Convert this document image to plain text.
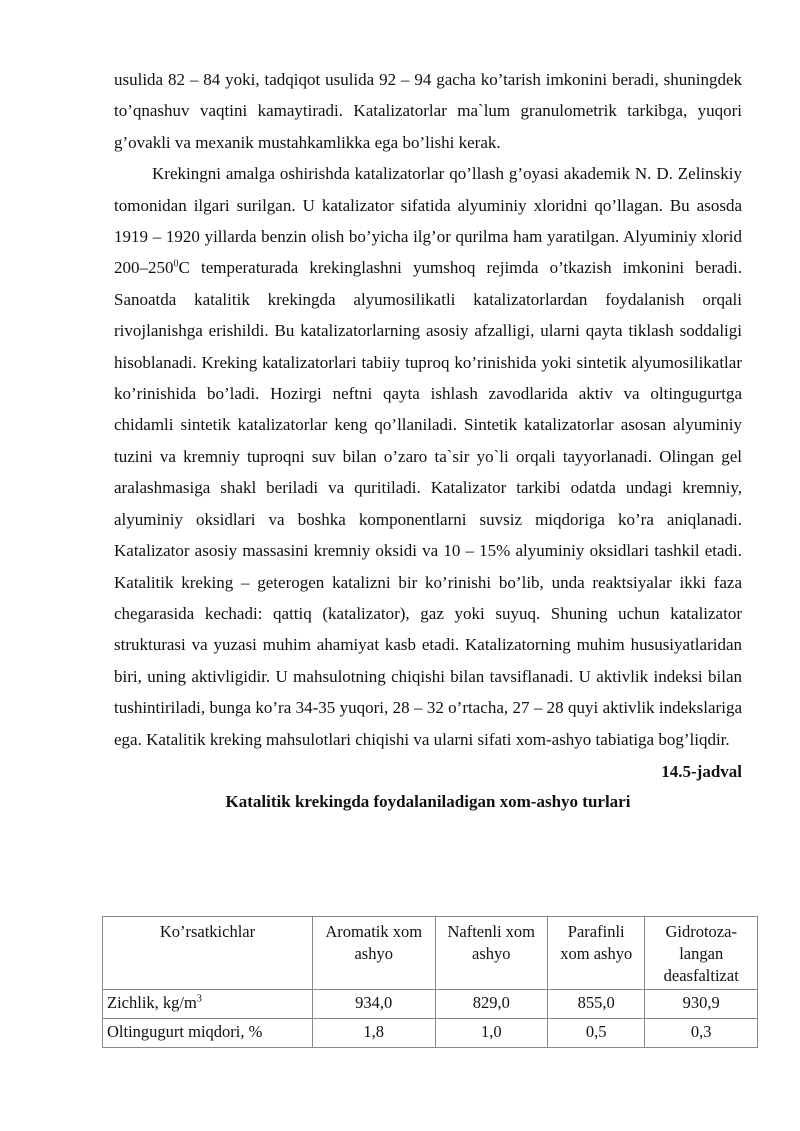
usulida 82 – 84 yoki, tadqiqot usulida 92 – 94 gacha ko’tarish imkonini beradi, shuningdek to’qnashuv vaqtini kamaytiradi. Katalizatorlar ma`lum granulometrik tarkibga, yuqori g’ovakli va mexanik mustahkamlikka ega bo’lishi kerak.

Krekingni amalga oshirishda katalizatorlar qo’llash g’oyasi akademik N. D. Zelinskiy tomonidan ilgari surilgan. U katalizator sifatida alyuminiy xloridni qo’llagan. Bu asosda 1919 – 1920 yillarda benzin olish bo’yicha ilg’or qurilma ham yaratilgan. Alyuminiy xlorid $200-250^0C$ temperaturada krekinglashni yumshoq rejimda o’tkazish imkonini beradi. Sanoatda katalitik krekingda alyumosilikatli katalizatorlardan foydalanish orqali rivojlanishga erishildi. Bu katalizatorlarning asosiy afzalligi, ularni qayta tiklash soddaligi hisoblanadi. Kreking katalizatorlari tabiiy tuproq ko’rinishida yoki sintetik alyumosilikatlar ko’rinishida bo’ladi. Hozirgi neftni qayta ishlash zavodlarida aktiv va oltingugurtga chidamli sintetik katalizatorlar keng qo’llaniladi. Sintetik katalizatorlar asosan alyuminiy tuzini va kremniy tuproqni suv bilan o’zaro ta`sir yo`li orqali tayyorlanadi. Olingan gel aralashmasiga shakl beriladi va quritiladi. Katalizator tarkibi odatda undagi kremniy, alyuminiy oksidlari va boshka komponentlarni suvsiz miqdoriga ko’ra aniqlanadi. Katalizator asosiy massasini kremniy oksidi va 10 – 15% alyuminiy oksidlari tashkil etadi. Katalitik kreking – geterogen katalizni bir ko’rinishi bo’lib, unda reaktsiyalar ikki faza chegarasida kechadi: qattiq (katalizator), gaz yoki suyuq. Shuning uchun katalizator strukturasi va yuzasi muhim ahamiyat kasb etadi. Katalizatorning muhim hususiyatlaridan biri, uning aktivligidir. U mahsulotning chiqishi bilan tavsiflanadi. U aktivlik indeksi bilan tushintiriladi, bunga ko’ra 34-35 yuqori, 28 – 32 o’rtacha, 27 – 28 quyi aktivlik indekslariga ega. Katalitik kreking mahsulotlari chiqishi va ularni sifati xom-ashyo tabiatiga bog’liqdir.

14.5-jadval
Katalitik krekingda foydalaniladigan xom-ashyo turlari
Ko’rsatkichlar	Aromatik xom ashyo	Naftenli xom ashyo	Parafinli xom ashyo	Gidrotoza-langan deasfaltizat
Zichlik, $kg/m^3$	934,0	829,0	855,0	930,9
Oltingugurt miqdori, %	1,8	1,0	0,5	0,3
